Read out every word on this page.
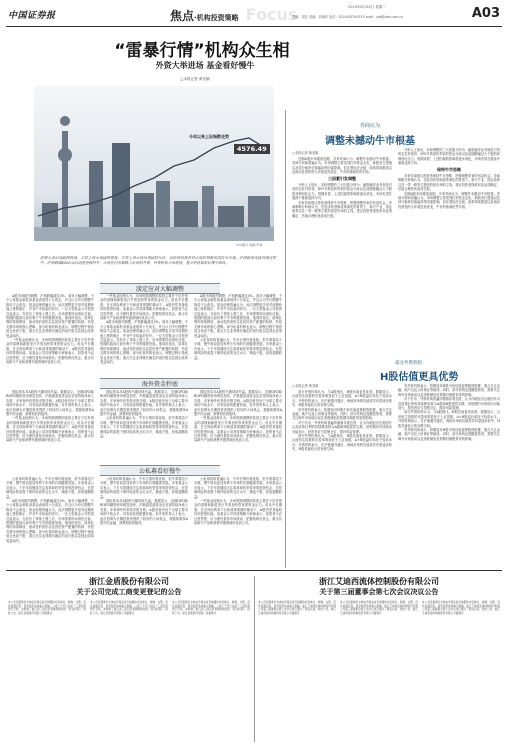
中国证券报	焦点·机构投资策略 Focus	2014年6月24日 星期二
责编：周宏 美编：刘海洋 电话：010-63070433 E-mail：zzb@zzb.com.cn	A03
“雷暴行情”机构众生相
外资大举进场 基金看好慢牛
□本报记者 黄莹颖
今年以来上证指数走势
4576.49
CFP图片 制图/尹建
近期大盘出现剧烈震荡，尽管上周市场剧烈震荡，尽管上周市场呈现剧烈分化，但机构投资者对市场的判断依然较为乐观。沪深股指连续回调过程中，沪指跌破4500点后迅速企稳回升，市场在经历暴跌之后重拾升势，外资机构大举进场，基金则普遍看好慢牛格局。
淡定应对大幅调整

A股市场剧烈调整，沪指跌幅超过5%。面对大幅调整，不少公募基金和私募基金表现得十分淡定，并且认为中长期慢牛格局不会改变。基金经理普遍认为，此次调整更多是对前期快速上涨的修正，并非牛市结束的信号。一位大型基金公司投资总监表示，在经历了持续上涨之后，市场需要时间消化估值，短期的震荡反而有利于牛市的健康发展。他同时指出，改革红利的持续释放、流动性的宽松以及居民资产配置的转移，仍是支撑市场的核心逻辑。部分私募机构也表示，调整过程中逢低加仓优质个股，重点关注业绩增长确定的成长股以及国企改革受益标的。

一些基金经理认为，市场短期调整的原因主要在于杠杆资金的清理和新股发行节奏加快带来的资金压力。但从中长期看，在无风险利率下行和改革预期的推动下，A股仍然具备较好的投资价值。某基金公司首席策略分析师表示，投资者不必过度恐慌，应当理性看待市场波动，把握结构性机会，重点布局新兴产业和消费升级领域的优质公司。

一些基金经理认为，市场短期调整的原因主要在于杠杆资金的清理和新股发行节奏加快带来的资金压力。但从中长期看，在无风险利率下行和改革预期的推动下，A股仍然具备较好的投资价值。某基金公司首席策略分析师表示，投资者不必过度恐慌，应当理性看待市场波动，把握结构性机会，重点布局新兴产业和消费升级领域的优质公司。

A股市场剧烈调整，沪指跌幅超过5%。面对大幅调整，不少公募基金和私募基金表现得十分淡定，并且认为中长期慢牛格局不会改变。基金经理普遍认为，此次调整更多是对前期快速上涨的修正，并非牛市结束的信号。一位大型基金公司投资总监表示，在经历了持续上涨之后，市场需要时间消化估值，短期的震荡反而有利于牛市的健康发展。他同时指出，改革红利的持续释放、流动性的宽松以及居民资产配置的转移，仍是支撑市场的核心逻辑。部分私募机构也表示，调整过程中逢低加仓优质个股，重点关注业绩增长确定的成长股以及国企改革受益标的。

A股市场剧烈调整，沪指跌幅超过5%。面对大幅调整，不少公募基金和私募基金表现得十分淡定，并且认为中长期慢牛格局不会改变。基金经理普遍认为，此次调整更多是对前期快速上涨的修正，并非牛市结束的信号。一位大型基金公司投资总监表示，在经历了持续上涨之后，市场需要时间消化估值，短期的震荡反而有利于牛市的健康发展。他同时指出，改革红利的持续释放、流动性的宽松以及居民资产配置的转移，仍是支撑市场的核心逻辑。部分私募机构也表示，调整过程中逢低加仓优质个股，重点关注业绩增长确定的成长股以及国企改革受益标的。

公私募机构普遍认为，牛市行情仍将延续，但节奏将趋于平缓，慢牛格局更加有利于市场的长期健康发展。多家基金公司表示，下半年将继续关注改革和转型带来的投资机会，在控制风险的前提下保持较高的仓位水平，精选个股，获取超额收益。

海外资金抄底

国际资本对A股的兴趣持续升温。数据显示，近期QFII和RQFII额度使用明显加快，沪港通渠道资金也呈现持续净流入态势。多家海外机构发布报告称，A股估值仍处于全球主要市场的中低水平，具有较高的配置价值。有外资机构人士表示，此次回调为长期投资者提供了较好的入场机会，将继续增持A股中的金融、消费和医药板块。

一些基金经理认为，市场短期调整的原因主要在于杠杆资金的清理和新股发行节奏加快带来的资金压力。但从中长期看，在无风险利率下行和改革预期的推动下，A股仍然具备较好的投资价值。某基金公司首席策略分析师表示，投资者不必过度恐慌，应当理性看待市场波动，把握结构性机会，重点布局新兴产业和消费升级领域的优质公司。

国际资本对A股的兴趣持续升温。数据显示，近期QFII和RQFII额度使用明显加快，沪港通渠道资金也呈现持续净流入态势。多家海外机构发布报告称，A股估值仍处于全球主要市场的中低水平，具有较高的配置价值。有外资机构人士表示，此次回调为长期投资者提供了较好的入场机会，将继续增持A股中的金融、消费和医药板块。

公私募机构普遍认为，牛市行情仍将延续，但节奏将趋于平缓，慢牛格局更加有利于市场的长期健康发展。多家基金公司表示，下半年将继续关注改革和转型带来的投资机会，在控制风险的前提下保持较高的仓位水平，精选个股，获取超额收益。

国际资本对A股的兴趣持续升温。数据显示，近期QFII和RQFII额度使用明显加快，沪港通渠道资金也呈现持续净流入态势。多家海外机构发布报告称，A股估值仍处于全球主要市场的中低水平，具有较高的配置价值。有外资机构人士表示，此次回调为长期投资者提供了较好的入场机会，将继续增持A股中的金融、消费和医药板块。

一些基金经理认为，市场短期调整的原因主要在于杠杆资金的清理和新股发行节奏加快带来的资金压力。但从中长期看，在无风险利率下行和改革预期的推动下，A股仍然具备较好的投资价值。某基金公司首席策略分析师表示，投资者不必过度恐慌，应当理性看待市场波动，把握结构性机会，重点布局新兴产业和消费升级领域的优质公司。

公私募看好慢牛

公私募机构普遍认为，牛市行情仍将延续，但节奏将趋于平缓，慢牛格局更加有利于市场的长期健康发展。多家基金公司表示，下半年将继续关注改革和转型带来的投资机会，在控制风险的前提下保持较高的仓位水平，精选个股，获取超额收益。

A股市场剧烈调整，沪指跌幅超过5%。面对大幅调整，不少公募基金和私募基金表现得十分淡定，并且认为中长期慢牛格局不会改变。基金经理普遍认为，此次调整更多是对前期快速上涨的修正，并非牛市结束的信号。一位大型基金公司投资总监表示，在经历了持续上涨之后，市场需要时间消化估值，短期的震荡反而有利于牛市的健康发展。他同时指出，改革红利的持续释放、流动性的宽松以及居民资产配置的转移，仍是支撑市场的核心逻辑。部分私募机构也表示，调整过程中逢低加仓优质个股，重点关注业绩增长确定的成长股以及国企改革受益标的。

公私募机构普遍认为，牛市行情仍将延续，但节奏将趋于平缓，慢牛格局更加有利于市场的长期健康发展。多家基金公司表示，下半年将继续关注改革和转型带来的投资机会，在控制风险的前提下保持较高的仓位水平，精选个股，获取超额收益。

国际资本对A股的兴趣持续升温。数据显示，近期QFII和RQFII额度使用明显加快，沪港通渠道资金也呈现持续净流入态势。多家海外机构发布报告称，A股估值仍处于全球主要市场的中低水平，具有较高的配置价值。有外资机构人士表示，此次回调为长期投资者提供了较好的入场机会，将继续增持A股中的金融、消费和医药板块。

公私募机构普遍认为，牛市行情仍将延续，但节奏将趋于平缓，慢牛格局更加有利于市场的长期健康发展。多家基金公司表示，下半年将继续关注改革和转型带来的投资机会，在控制风险的前提下保持较高的仓位水平，精选个股，获取超额收益。

一些基金经理认为，市场短期调整的原因主要在于杠杆资金的清理和新股发行节奏加快带来的资金压力。但从中长期看，在无风险利率下行和改革预期的推动下，A股仍然具备较好的投资价值。某基金公司首席策略分析师表示，投资者不必过度恐慌，应当理性看待市场波动，把握结构性机会，重点布局新兴产业和消费升级领域的优质公司。

券商认为
调整未撼动牛市根基
□本报记者 黄莹颖

近期A股市场震荡加剧，多家券商认为，调整并未撼动牛市根基。券商分析师普遍认为，市场调整主要受到杠杆资金去化、新股发行提速以及部分板块估值偏高等因素影响，但宏观经济企稳、改革持续推进以及流动性宽松的大环境没有改变，牛市的基础依然牢固。

三因素引发调整

分析人士指出，本轮调整的三大因素分别为：融资融券业务规范引发的去杠杆担忧、IPO节奏加快带来的资金分流以及前期涨幅过大个股的获利回吐压力。短期来看，上述因素的影响将逐步消化，市场有望在震荡中重新选择方向。

多家券商建议投资者保持牛市思维，把握调整带来的布局机会。券商策略分析师认为，在经济转型和改革深化的背景下，新兴产业、国企改革以及一带一路等主题仍将是市场的主线，建议投资者逢低布局业绩确定、估值合理的优质成长股。

分析人士指出，本轮调整的三大因素分别为：融资融券业务规范引发的去杠杆担忧、IPO节奏加快带来的资金分流以及前期涨幅过大个股的获利回吐压力。短期来看，上述因素的影响将逐步消化，市场有望在震荡中重新选择方向。

保持牛市思维

多家券商建议投资者保持牛市思维，把握调整带来的布局机会。券商策略分析师认为，在经济转型和改革深化的背景下，新兴产业、国企改革以及一带一路等主题仍将是市场的主线，建议投资者逢低布局业绩确定、估值合理的优质成长股。

近期A股市场震荡加剧，多家券商认为，调整并未撼动牛市根基。券商分析师普遍认为，市场调整主要受到杠杆资金去化、新股发行提速以及部分板块估值偏高等因素影响，但宏观经济企稳、改革持续推进以及流动性宽松的大环境没有改变，牛市的基础依然牢固。

部分外资机构：
H股估值更具优势
□本报记者 黄莹颖

部分外资机构认为，与A股相比，H股估值更具优势。数据显示，目前恒生指数的市盈率明显低于上证指数，A+H股溢价率处于较高水平。外资机构表示，在沪港通开通后，两地市场的估值差异有望逐步收窄，H股具备较大的补涨空间。

有外资机构表示，将增加对H股中低估值蓝筹股的配置，重点关注金融、地产以及公用事业等板块。同时，部分机构也提醒投资者，需要关注海外市场波动以及美联储加息预期对港股带来的影响。

对于后市，外资机构普遍持谨慎乐观态度，认为内地经济企稳回升以及改革红利的持续释放将为A股和H股提供支撑，但短期内市场波动可能加大，投资者应当控制仓位，做好风险管理。

部分外资机构认为，与A股相比，H股估值更具优势。数据显示，目前恒生指数的市盈率明显低于上证指数，A+H股溢价率处于较高水平。外资机构表示，在沪港通开通后，两地市场的估值差异有望逐步收窄，H股具备较大的补涨空间。

有外资机构表示，将增加对H股中低估值蓝筹股的配置，重点关注金融、地产以及公用事业等板块。同时，部分机构也提醒投资者，需要关注海外市场波动以及美联储加息预期对港股带来的影响。

对于后市，外资机构普遍持谨慎乐观态度，认为内地经济企稳回升以及改革红利的持续释放将为A股和H股提供支撑，但短期内市场波动可能加大，投资者应当控制仓位，做好风险管理。

部分外资机构认为，与A股相比，H股估值更具优势。数据显示，目前恒生指数的市盈率明显低于上证指数，A+H股溢价率处于较高水平。外资机构表示，在沪港通开通后，两地市场的估值差异有望逐步收窄，H股具备较大的补涨空间。

有外资机构表示，将增加对H股中低估值蓝筹股的配置，重点关注金融、地产以及公用事业等板块。同时，部分机构也提醒投资者，需要关注海外市场波动以及美联储加息预期对港股带来的影响。

浙江金盾股份有限公司
关于公司完成工商变更登记的公告
本公司及董事会全体成员保证信息披露的内容真实、准确、完整，没有虚假记载、误导性陈述或重大遗漏。公司已于近日完成了工商变更登记手续，并取得了浙江省工商行政管理局换发的《营业执照》。特此公告。浙江金盾股份有限公司董事会
本公司及董事会全体成员保证信息披露的内容真实、准确、完整，没有虚假记载、误导性陈述或重大遗漏。公司已于近日完成了工商变更登记手续，并取得了浙江省工商行政管理局换发的《营业执照》。特此公告。浙江金盾股份有限公司董事会
本公司及董事会全体成员保证信息披露的内容真实、准确、完整，没有虚假记载、误导性陈述或重大遗漏。公司已于近日完成了工商变更登记手续，并取得了浙江省工商行政管理局换发的《营业执照》。特此公告。浙江金盾股份有限公司董事会
浙江艾迪西流体控制股份有限公司
关于第三届董事会第七次会议决议公告
本公司及董事会全体成员保证信息披露的内容真实、准确、完整，没有虚假记载、误导性陈述或重大遗漏。浙江艾迪西流体控制股份有限公司第三届董事会第七次会议审议通过了相关议案。特此公告。浙江艾迪西流体控制股份有限公司董事会
本公司及董事会全体成员保证信息披露的内容真实、准确、完整，没有虚假记载、误导性陈述或重大遗漏。浙江艾迪西流体控制股份有限公司第三届董事会第七次会议审议通过了相关议案。特此公告。浙江艾迪西流体控制股份有限公司董事会
本公司及董事会全体成员保证信息披露的内容真实、准确、完整，没有虚假记载、误导性陈述或重大遗漏。浙江艾迪西流体控制股份有限公司第三届董事会第七次会议审议通过了相关议案。特此公告。浙江艾迪西流体控制股份有限公司董事会
